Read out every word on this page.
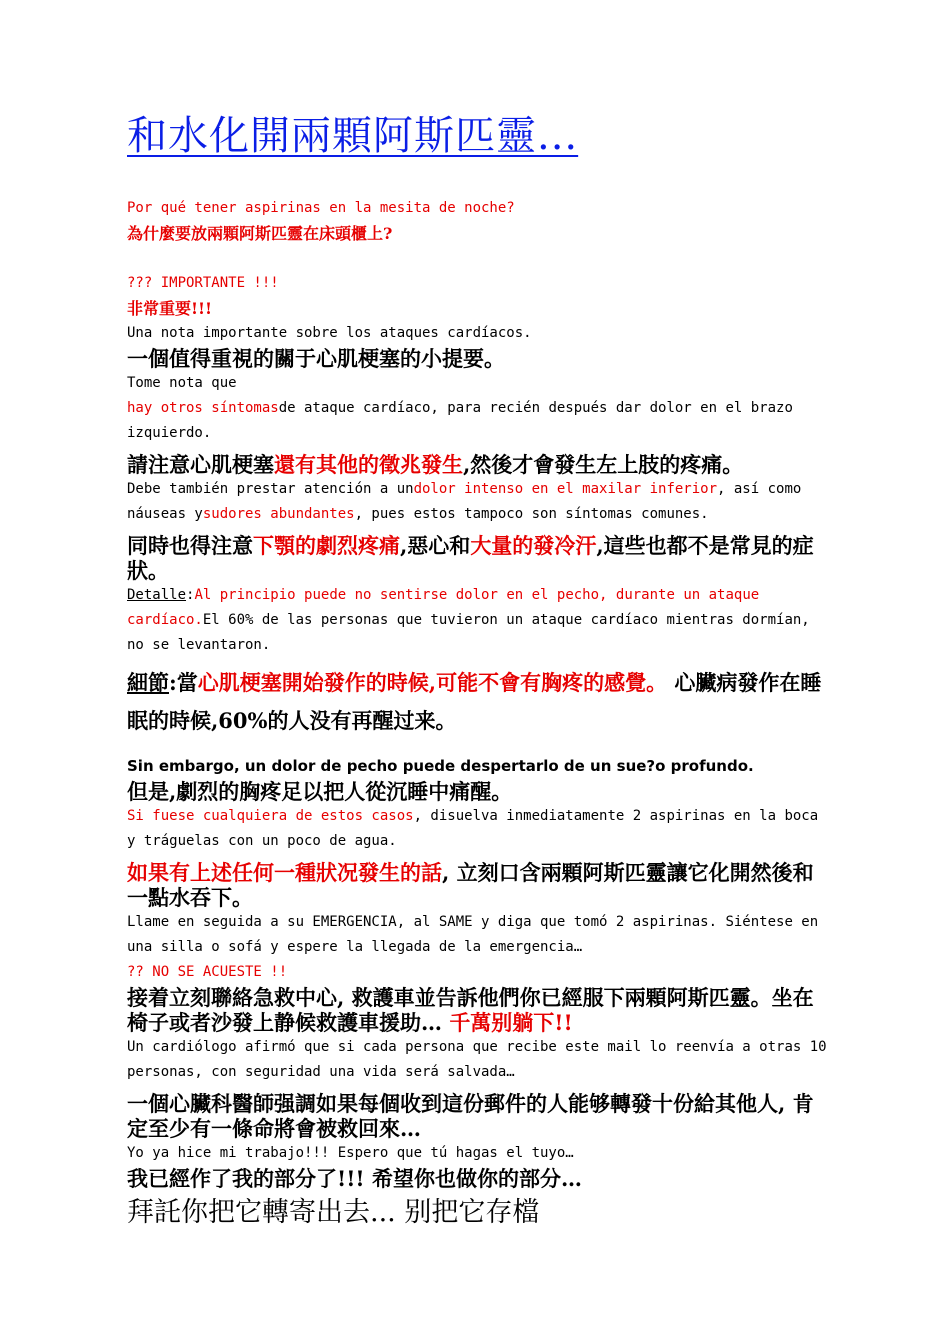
和水化開兩顆阿斯匹靈...
Por qué tener aspirinas en la mesita de noche?
為什麼要放兩顆阿斯匹靈在床頭櫃上?
??? IMPORTANTE !!!
非常重要!!!
Una nota importante sobre los ataques cardíacos.
一個值得重視的關于心肌梗塞的小提要。
Tome nota que
hay otros síntomasde ataque cardíaco, para recién después dar dolor en el brazo izquierdo.
請注意心肌梗塞還有其他的徵兆發生,然後才會發生左上肢的疼痛。
Debe también prestar atención a undolor intenso en el maxilar inferior, así como náuseas ysudores abundantes, pues estos tampoco son síntomas comunes.
同時也得注意下顎的劇烈疼痛,惡心和大量的發冷汗,這些也都不是常見的症狀。
Detalle:Al principio puede no sentirse dolor en el pecho, durante un ataque cardíaco.El 60% de las personas que tuvieron un ataque cardíaco mientras dormían, no se levantaron.
細節:當心肌梗塞開始發作的時候,可能不會有胸疼的感覺。 心臟病發作在睡眠的時候,60%的人没有再醒过来。
Sin embargo, un dolor de pecho puede despertarlo de un sue?o profundo.
但是,劇烈的胸疼足以把人從沉睡中痛醒。
Si fuese cualquiera de estos casos, disuelva inmediatamente 2 aspirinas en la boca y tráguelas con un poco de agua.
如果有上述任何一種狀况發生的話, 立刻口含兩顆阿斯匹靈讓它化開然後和一點水吞下。
Llame en seguida a su EMERGENCIA, al SAME y diga que tomó 2 aspirinas. Siéntese en una silla o sofá y espere la llegada de la emergencia…
?? NO SE ACUESTE !!
接着立刻聯絡急救中心, 救護車並告訴他們你已經服下兩顆阿斯匹靈。坐在椅子或者沙發上静候救護車援助… 千萬别躺下!!
Un cardiólogo afirmó que si cada persona que recibe este mail lo reenvía a otras 10 personas, con seguridad una vida será salvada…
一個心臟科醫師强調如果每個收到這份郵件的人能够轉發十份給其他人, 肯定至少有一條命將會被救回來…
Yo ya hice mi trabajo!!! Espero que tú hagas el tuyo…
我已經作了我的部分了!!! 希望你也做你的部分…
拜託你把它轉寄出去... 别把它存檔
